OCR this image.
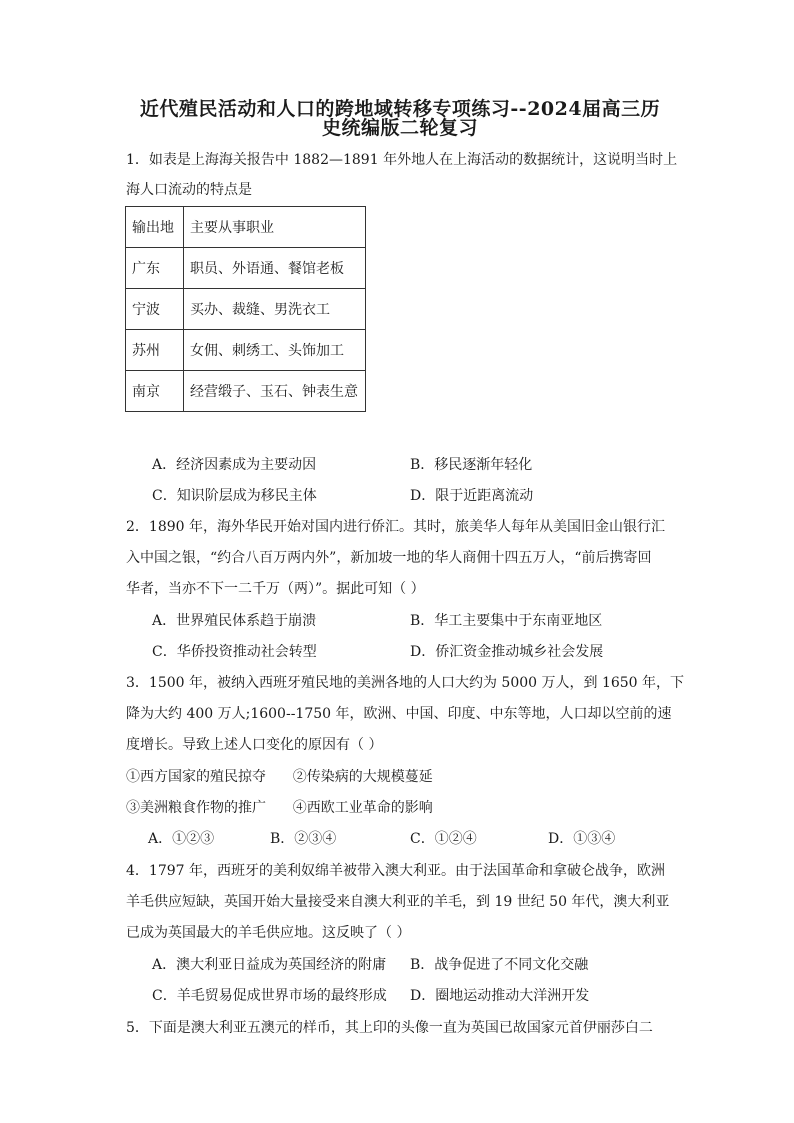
近代殖民活动和人口的跨地域转移专项练习--2024届高三历
史统编版二轮复习
1．如表是上海海关报告中 1882—1891 年外地人在上海活动的数据统计，这说明当时上
海人口流动的特点是
输出地	主要从事职业
广东	职员、外语通、餐馆老板
宁波	买办、裁缝、男洗衣工
苏州	女佣、刺绣工、头饰加工
南京	经营缎子、玉石、钟表生意
A．经济因素成为主要动因	B．移民逐渐年轻化
C．知识阶层成为移民主体	D．限于近距离流动
2．1890 年，海外华民开始对国内进行侨汇。其时，旅美华人每年从美国旧金山银行汇
入中国之银，“约合八百万两内外”，新加坡一地的华人商佣十四五万人，“前后携寄回
华者，当亦不下一二千万（两）”。据此可知（ ）
A．世界殖民体系趋于崩溃	B．华工主要集中于东南亚地区
C．华侨投资推动社会转型	D．侨汇资金推动城乡社会发展
3．1500 年，被纳入西班牙殖民地的美洲各地的人口大约为 5000 万人，到 1650 年，下
降为大约 400 万人;1600--1750 年，欧洲、中国、印度、中东等地，人口却以空前的速
度增长。导致上述人口变化的原因有（ ）
①西方国家的殖民掠夺      ②传染病的大规模蔓延
③美洲粮食作物的推广      ④西欧工业革命的影响
A．①②③	B．②③④	C．①②④	D．①③④
4．1797 年，西班牙的美利奴绵羊被带入澳大利亚。由于法国革命和拿破仑战争，欧洲
羊毛供应短缺，英国开始大量接受来自澳大利亚的羊毛，到 19 世纪 50 年代，澳大利亚
已成为英国最大的羊毛供应地。这反映了（ ）
A．澳大利亚日益成为英国经济的附庸 B．战争促进了不同文化交融
C．羊毛贸易促成世界市场的最终形成 D．圈地运动推动大洋洲开发
5．下面是澳大利亚五澳元的样币，其上印的头像一直为英国已故国家元首伊丽莎白二
